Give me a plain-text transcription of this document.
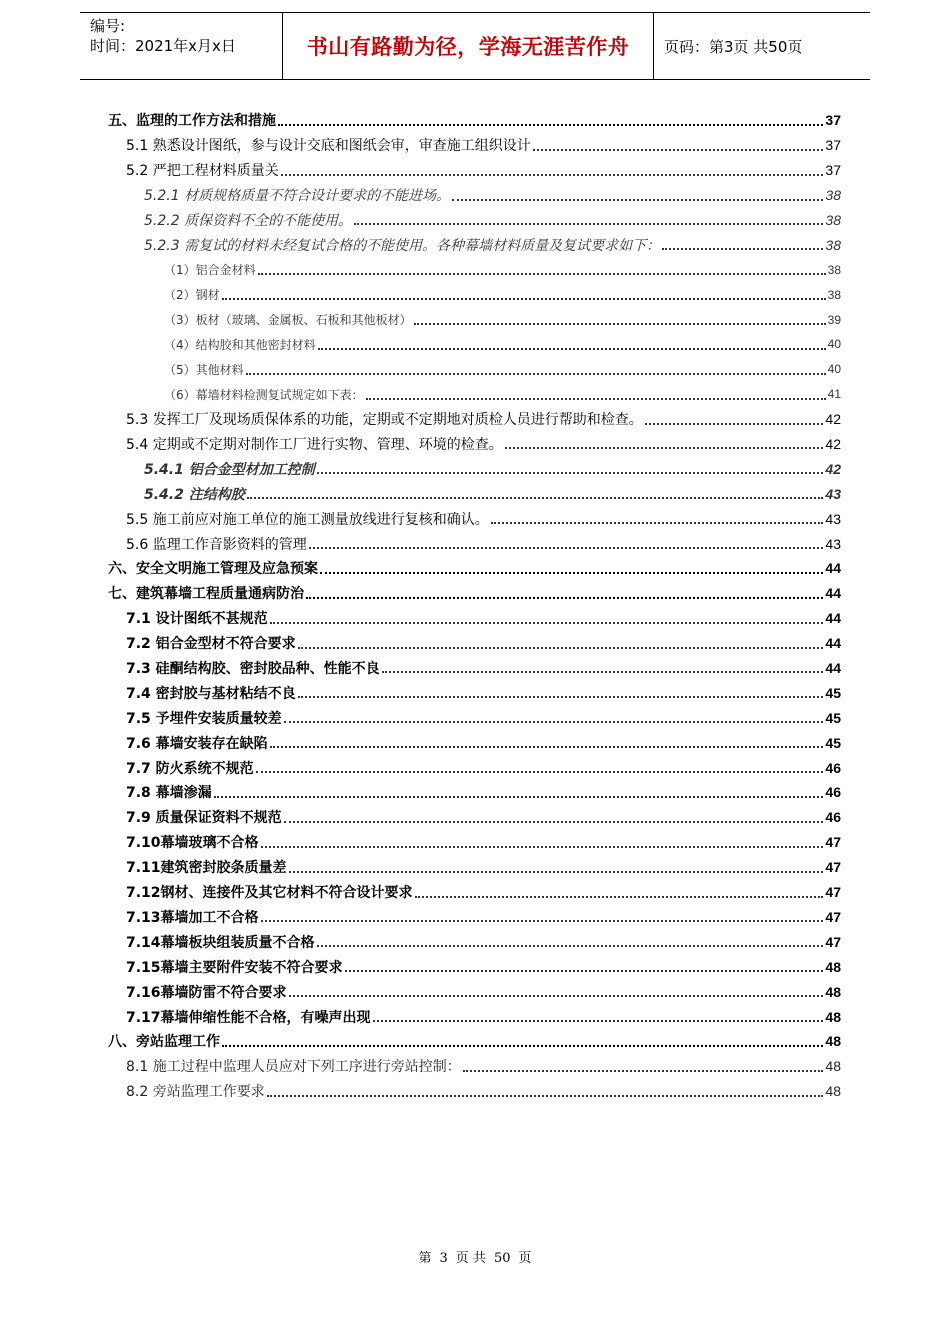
编号:
时间：2021年x月x日	书山有路勤为径，学海无涯苦作舟	页码：第3页 共50页
五、监理的工作方法和措施	37
5.1 熟悉设计图纸，参与设计交底和图纸会审，审查施工组织设计	37
5.2 严把工程材料质量关	37
5.2.1 材质规格质量不符合设计要求的不能进场。	38
5.2.2 质保资料不全的不能使用。	38
5.2.3 需复试的材料未经复试合格的不能使用。各种幕墙材料质量及复试要求如下：	38
（1）铝合金材料	38
（2）钢材	38
（3）板材（玻璃、金属板、石板和其他板材）	39
（4）结构胶和其他密封材料	40
（5）其他材料	40
（6）幕墙材料检测复试规定如下表：	41
5.3 发挥工厂及现场质保体系的功能，定期或不定期地对质检人员进行帮助和检查。	42
5.4 定期或不定期对制作工厂进行实物、管理、环境的检查。	42
5.4.1 铝合金型材加工控制	42
5.4.2 注结构胶	43
5.5 施工前应对施工单位的施工测量放线进行复核和确认。	43
5.6 监理工作音影资料的管理	43
六、安全文明施工管理及应急预案	44
七、建筑幕墙工程质量通病防治	44
7.1 设计图纸不甚规范	44
7.2 铝合金型材不符合要求	44
7.3 硅酮结构胶、密封胶品种、性能不良	44
7.4 密封胶与基材粘结不良	45
7.5 予埋件安装质量较差	45
7.6 幕墙安装存在缺陷	45
7.7 防火系统不规范	46
7.8 幕墙渗漏	46
7.9 质量保证资料不规范	46
7.10幕墙玻璃不合格	47
7.11建筑密封胶条质量差	47
7.12钢材、连接件及其它材料不符合设计要求	47
7.13幕墙加工不合格	47
7.14幕墙板块组装质量不合格	47
7.15幕墙主要附件安装不符合要求	48
7.16幕墙防雷不符合要求	48
7.17幕墙伸缩性能不合格，有噪声出现	48
八、旁站监理工作	48
8.1 施工过程中监理人员应对下列工序进行旁站控制：	48
8.2 旁站监理工作要求	48
第 3 页 共 50 页
